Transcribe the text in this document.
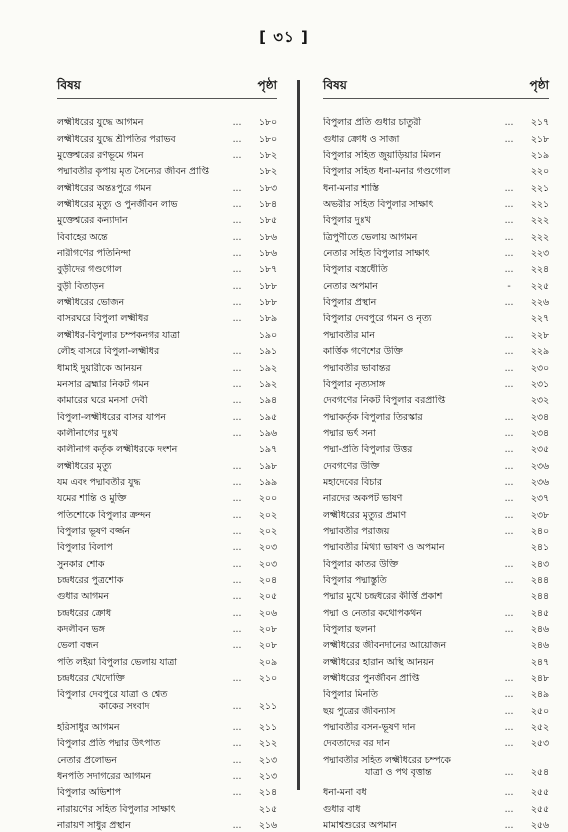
[ ৩১ ]
বিষয়	পৃষ্ঠা
লক্ষ্মীধরের যুদ্ধে আগমন	...	১৮০
লক্ষ্মীধরের যুদ্ধে শ্রীপতির পরাভব	...	১৮০
মুক্তেশ্বরের রণভূমে গমন	...	১৮২
পদ্মাবতীর কৃপায় মৃত সৈন্যের জীবন প্রাপ্তি	১৮২
লক্ষ্মীধরের অন্তঃপুরে গমন	...	১৮৩
লক্ষ্মীধরের মৃত্যু ও পুনর্জীবন লাভ	...	১৮৪
মুক্তেশ্বরের কন্যাদান	...	১৮৫
বিবাহের অন্তে	...	১৮৬
নারীগণের পতিনিন্দা	...	১৮৬
বুড়ীদের গণ্ডগোল	...	১৮৭
বুড়ী বিতাড়ন	...	১৮৮
লক্ষ্মীধরের ভোজন	...	১৮৮
বাসরঘরে বিপুলা লক্ষ্মীধর	...	১৮৯
লক্ষ্মীধর-বিপুলার চম্পকনগর যাত্রা	১৯০
লৌহ বাসরে বিপুলা-লক্ষ্মীধর	...	১৯১
ধামাই দুয়ারীকে আনয়ন	...	১৯২
মনসার ব্রহ্মার নিকট গমন	...	১৯২
কামারের ঘরে মনসা দেবী	...	১৯৪
বিপুলা-লক্ষ্মীধরের বাসর যাপন	...	১৯৫
কালীনাগের দুঃখ	...	১৯৬
কালীনাগ কর্তৃক লক্ষ্মীধরকে দংশন	১৯৭
লক্ষ্মীধরের মৃত্যু	...	১৯৮
যম এবং পদ্মাবতীর যুদ্ধ	...	১৯৯
যমের শান্তি ও মুক্তি	...	২০০
পতিশোকে বিপুলার ক্রন্দন	...	২০২
বিপুলার ভূষণ বর্জ্জন	...	২০২
বিপুলার বিলাপ	...	২০৩
সুনকার শোক	...	২০৩
চন্দ্রধরের পুত্রশোক	...	২০৪
গুধার আগমন	...	২০৫
চন্দ্রধরের ক্রোধ	...	২০৬
কদলীবন ভঙ্গ	...	২০৮
ভেলা বন্ধন	...	২০৮
পতি লইয়া বিপুলার ভেলায় যাত্রা	২০৯
চন্দ্রধরের খেদোক্তি	...	২১০
বিপুলার দেবপুরে যাত্রা ও শ্বেত
কাকের সংবাদ	...	২১১
হরিসাধুর আগমন	...	২১১
বিপুলার প্রতি পদ্মার উৎপাত	...	২১২
নেতার প্রলোভন	...	২১৩
ধনপতি সদাগরের আগমন	...	২১৩
বিপুলার অভিশাপ	...	২১৪
নারায়ণের সহিত বিপুলার সাক্ষাৎ	২১৫
নারায়ণ সাধুর প্রস্থান	...	২১৬
বিষয়	পৃষ্ঠা
বিপুলার প্রতি গুধার চাতুরী	...	২১৭
গুধার ক্রোধ ও সাজা	...	২১৮
বিপুলার সহিত জুয়াড়িয়ার মিলন	২১৯
বিপুলার সহিত ধনা-মনার গণ্ডগোল	২২০
ধনা-মনার শাস্তি	...	২২১
অভরীর সহিত বিপুলার সাক্ষাৎ	...	২২১
বিপুলার দুঃখ	...	২২২
ত্রিপুণীতে ভেলায় আগমন	...	২২২
নেতার সহিত বিপুলার সাক্ষাৎ	...	২২৩
বিপুলার বস্ত্রধৌতি	...	২২৪
নেতার অপমান	-	২২৫
বিপুলার প্রস্থান	...	২২৬
বিপুলার দেবপুরে গমন ও নৃত্য	২২৭
পদ্মাবতীর মান	...	২২৮
কার্ত্তিক গণেশের উক্তি	...	২২৯
পদ্মাবতীর ভাবান্তর	...	২৩০
বিপুলার নৃত্যসাঙ্গ	...	২৩১
দেবগণের নিকট বিপুলার বরপ্রাপ্তি	২৩২
পদ্মাকর্তৃক বিপুলার তিরস্কার	...	২৩৪
পদ্মার ভর্ৎ সনা	...	২৩৪
পদ্মা-প্রতি বিপুলার উত্তর	...	২৩৫
দেবগণের উক্তি	...	২৩৬
মহাদেবের বিচার	...	২৩৬
নারদের অকপট ভাষণ	...	২৩৭
লক্ষ্মীধরের মৃত্যুর প্রমাণ	...	২৩৮
পদ্মাবতীর পরাজয়	...	২৪০
পদ্মাবতীর মিথ্যা ভাষণ ও অপমান	২৪১
বিপুলার কাতর উক্তি	...	২৪৩
বিপুলার পদ্মাস্তুতি	...	২৪৪
পদ্মার মুখে চন্দ্রধরের কীর্ত্তি প্রকাশ	২৪৪
পদ্মা ও নেতার কথোপকথন	...	২৪৫
বিপুলার ছলনা	...	২৪৬
লক্ষ্মীধরের জীবনদানের আয়োজন	২৪৬
লক্ষ্মীধরের হারান অস্থি আনয়ন	২৪৭
লক্ষ্মীধরের পুনর্জীবন প্রাপ্তি	...	২৪৮
বিপুলার মিনতি	...	২৪৯
ছয় পুত্রের জীবন্যাস	...	২৫০
পদ্মাবতীর বসন-ভূষণ দান	...	২৫২
দেবতাদের বর দান	...	২৫৩
পদ্মাবতীর সহিত লক্ষ্মীধরের চম্পকে
যাত্রা ও পথ বৃত্তান্ত	...	২৫৪
ধনা-মনা বধ	...	২৫৫
গুধার বাধ	...	২৫৫
মামাশ্বশুরের অপমান	...	২৫৬
